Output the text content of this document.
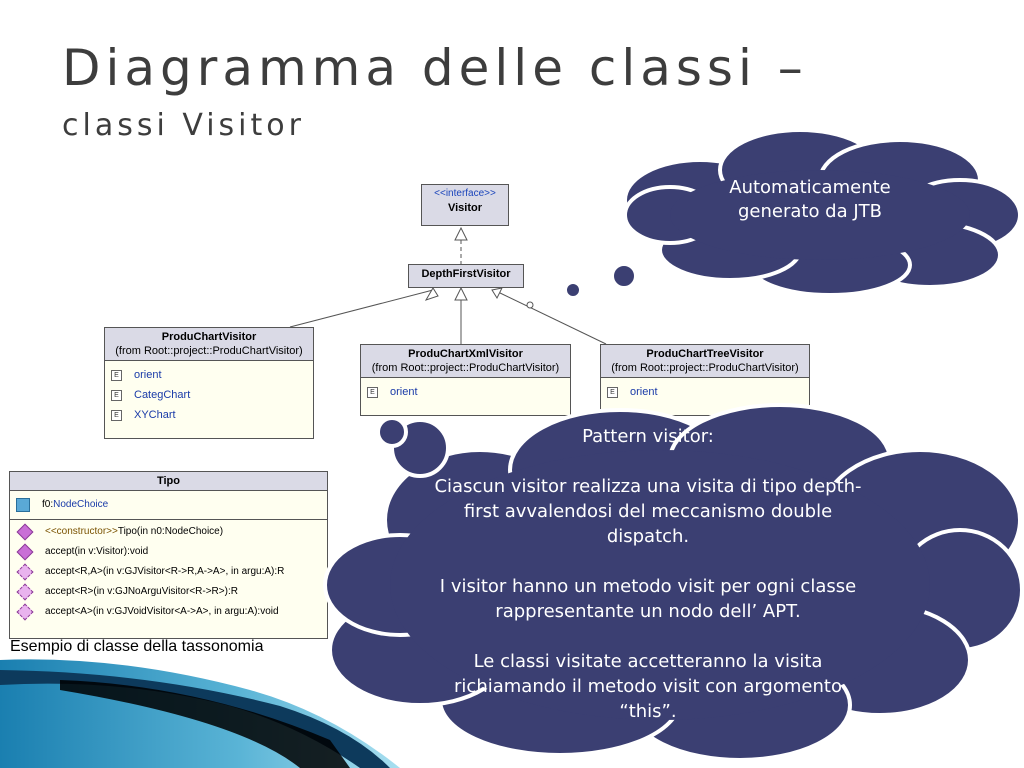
Diagramma delle classi –
classi Visitor
<<interface>>
Visitor
DepthFirstVisitor
ProduChartVisitor
(from Root::project::ProduChartVisitor)
E orient
E CategChart
E XYChart
ProduChartXmlVisitor
(from Root::project::ProduChartVisitor)
E orient
ProduChartTreeVisitor
(from Root::project::ProduChartVisitor)
E orient
Tipo
f0 : NodeChoice
<<constructor>> Tipo(in n0:NodeChoice)
accept(in v:Visitor):void
accept<R,A>(in v:GJVisitor<R->R,A->A>, in argu:A):R
accept<R>(in v:GJNoArguVisitor<R->R>):R
accept<A>(in v:GJVoidVisitor<A->A>, in argu:A):void
Esempio di classe della tassonomia
Automaticamente
generato da JTB
Pattern visitor:
Ciascun visitor realizza una visita di tipo depth-first avvalendosi del meccanismo double dispatch.
I visitor hanno un metodo visit per ogni classe rappresentante un nodo dell’ APT.
Le classi visitate accetteranno la visita richiamando il metodo visit con argomento “this”.
